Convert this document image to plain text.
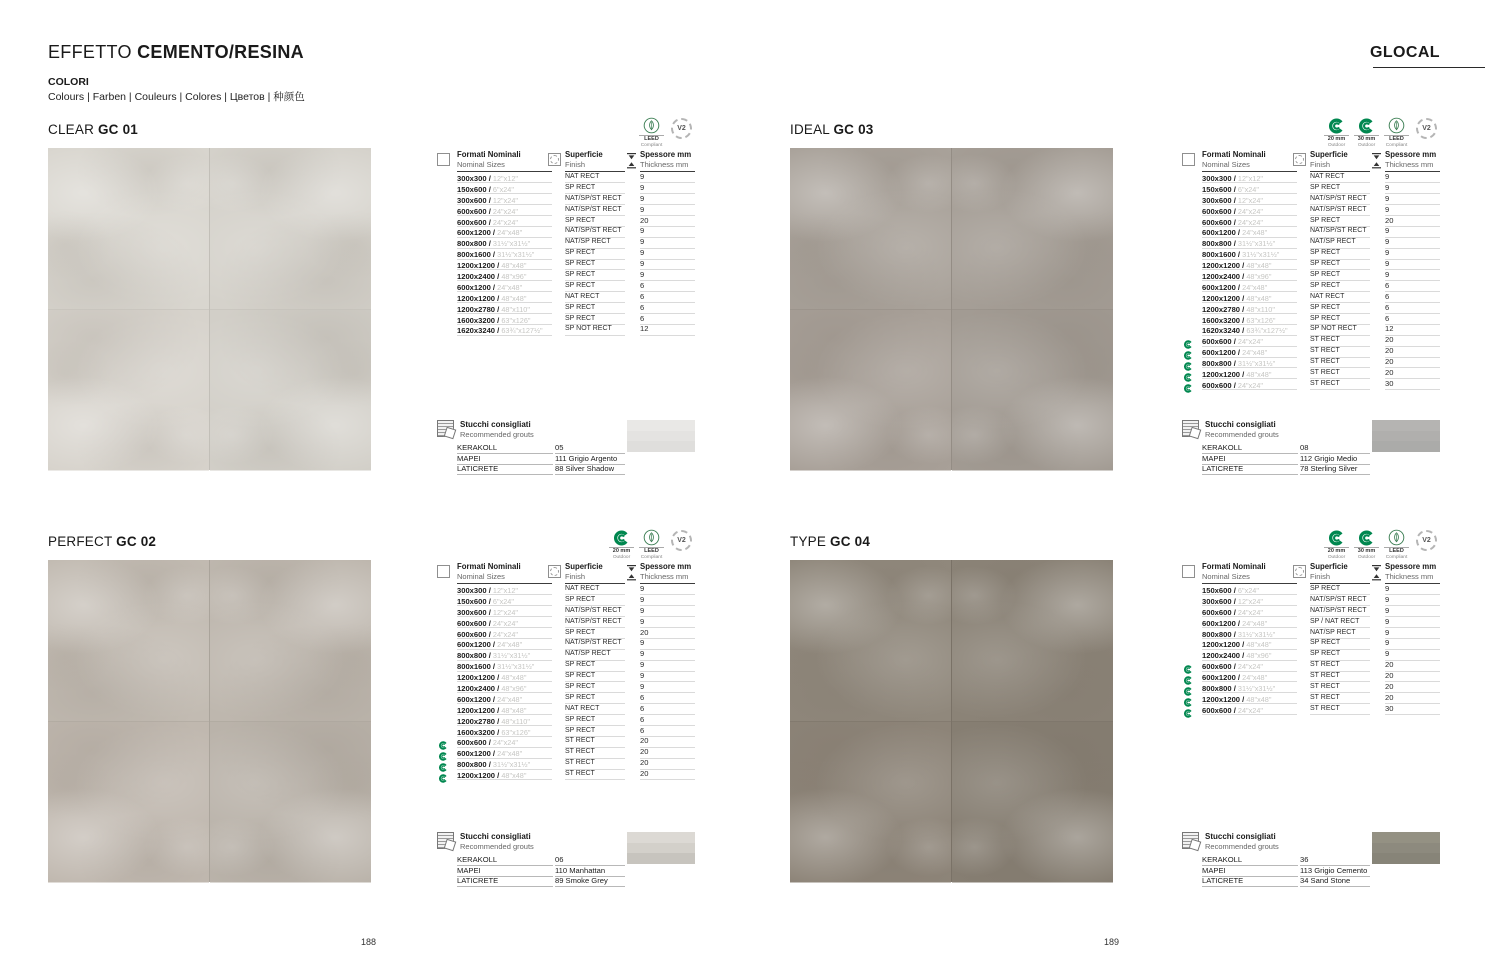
EFFETTO CEMENTO/RESINA
COLORI
Colours | Farben | Couleurs | Colores | Цветов | 种颜色
GLOCAL
188	189
CLEAR GC 01
LEED
Compliant
V2
Formati Nominali
Nominal Sizes
Superficie
Finish
Spessore mm
Thickness mm
300x300 / 12"x12"	NAT RECT	9
150x600 / 6"x24"	SP RECT	9
300x600 / 12"x24"	NAT/SP/ST RECT	9
600x600 / 24"x24"	NAT/SP/ST RECT	9
600x600 / 24"x24"	SP RECT	20
600x1200 / 24"x48"	NAT/SP/ST RECT	9
800x800 / 31½"x31½"	NAT/SP RECT	9
800x1600 / 31½"x31½"	SP RECT	9
1200x1200 / 48"x48"	SP RECT	9
1200x2400 / 48"x96"	SP RECT	9
600x1200 / 24"x48"	SP RECT	6
1200x1200 / 48"x48"	NAT RECT	6
1200x2780 / 48"x110"	SP RECT	6
1600x3200 / 63"x126"	SP RECT	6
1620x3240 / 63¾"x127½"	SP NOT RECT	12
Stucchi consigliati
Recommended grouts
KERAKOLL	05
MAPEI	111 Grigio Argento
LATICRETE	88 Silver Shadow
IDEAL GC 03
20 mm
Outdoor
30 mm
Outdoor
LEED
Compliant
V2
Formati Nominali
Nominal Sizes
Superficie
Finish
Spessore mm
Thickness mm
300x300 / 12"x12"	NAT RECT	9
150x600 / 6"x24"	SP RECT	9
300x600 / 12"x24"	NAT/SP/ST RECT	9
600x600 / 24"x24"	NAT/SP/ST RECT	9
600x600 / 24"x24"	SP RECT	20
600x1200 / 24"x48"	NAT/SP/ST RECT	9
800x800 / 31½"x31½"	NAT/SP RECT	9
800x1600 / 31½"x31½"	SP RECT	9
1200x1200 / 48"x48"	SP RECT	9
1200x2400 / 48"x96"	SP RECT	9
600x1200 / 24"x48"	SP RECT	6
1200x1200 / 48"x48"	NAT RECT	6
1200x2780 / 48"x110"	SP RECT	6
1600x3200 / 63"x126"	SP RECT	6
1620x3240 / 63¾"x127½"	SP NOT RECT	12
600x600 / 24"x24"	ST RECT	20
600x1200 / 24"x48"	ST RECT	20
800x800 / 31½"x31½"	ST RECT	20
1200x1200 / 48"x48"	ST RECT	20
600x600 / 24"x24"	ST RECT	30
Stucchi consigliati
Recommended grouts
KERAKOLL	08
MAPEI	112 Grigio Medio
LATICRETE	78 Sterling Silver
PERFECT GC 02
20 mm
Outdoor
LEED
Compliant
V2
Formati Nominali
Nominal Sizes
Superficie
Finish
Spessore mm
Thickness mm
300x300 / 12"x12"	NAT RECT	9
150x600 / 6"x24"	SP RECT	9
300x600 / 12"x24"	NAT/SP/ST RECT	9
600x600 / 24"x24"	NAT/SP/ST RECT	9
600x600 / 24"x24"	SP RECT	20
600x1200 / 24"x48"	NAT/SP/ST RECT	9
800x800 / 31½"x31½"	NAT/SP RECT	9
800x1600 / 31½"x31½"	SP RECT	9
1200x1200 / 48"x48"	SP RECT	9
1200x2400 / 48"x96"	SP RECT	9
600x1200 / 24"x48"	SP RECT	6
1200x1200 / 48"x48"	NAT RECT	6
1200x2780 / 48"x110"	SP RECT	6
1600x3200 / 63"x126"	SP RECT	6
600x600 / 24"x24"	ST RECT	20
600x1200 / 24"x48"	ST RECT	20
800x800 / 31½"x31½"	ST RECT	20
1200x1200 / 48"x48"	ST RECT	20
Stucchi consigliati
Recommended grouts
KERAKOLL	06
MAPEI	110 Manhattan
LATICRETE	89 Smoke Grey
TYPE GC 04
20 mm
Outdoor
30 mm
Outdoor
LEED
Compliant
V2
Formati Nominali
Nominal Sizes
Superficie
Finish
Spessore mm
Thickness mm
150x600 / 6"x24"	SP RECT	9
300x600 / 12"x24"	NAT/SP/ST RECT	9
600x600 / 24"x24"	NAT/SP/ST RECT	9
600x1200 / 24"x48"	SP / NAT RECT	9
800x800 / 31½"x31½"	NAT/SP RECT	9
1200x1200 / 48"x48"	SP RECT	9
1200x2400 / 48"x96"	SP RECT	9
600x600 / 24"x24"	ST RECT	20
600x1200 / 24"x48"	ST RECT	20
800x800 / 31½"x31½"	ST RECT	20
1200x1200 / 48"x48"	ST RECT	20
600x600 / 24"x24"	ST RECT	30
Stucchi consigliati
Recommended grouts
KERAKOLL	36
MAPEI	113 Grigio Cemento
LATICRETE	34 Sand Stone
